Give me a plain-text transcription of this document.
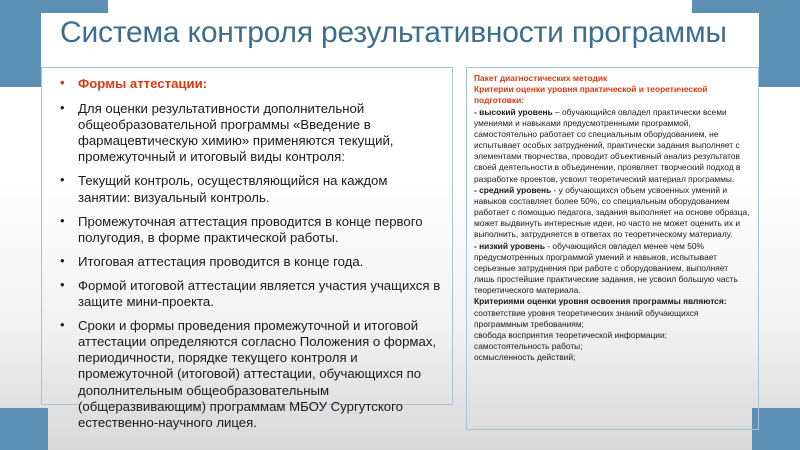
Система контроля результативности программы
• Формы аттестации:
• Для оценки результативности дополнительной общеобразовательной программы «Введение в фармацевтическую химию» применяются текущий, промежуточный и итоговый виды контроля:
• Текущий контроль, осуществляющийся на каждом занятии: визуальный контроль.
• Промежуточная аттестация проводится в конце первого полугодия, в форме практической работы.
• Итоговая аттестация проводится в конце года.
• Формой итоговой аттестации является участия учащихся в защите мини-проекта.
• Сроки и формы проведения промежуточной и итоговой аттестации определяются согласно Положения о формах, периодичности, порядке текущего контроля и промежуточной (итоговой) аттестации, обучающихся по дополнительным общеобразовательным (общеразвивающим) программам МБОУ Сургутского естественно-научного лицея.

Пакет диагностических методик

Критерии оценки уровня практической и теоретической подготовки:

- высокий уровень – обучающийся овладел практически всеми умениями и навыками предусмотренными программой, самостоятельно работает со специальным оборудованием, не испытывает особых затруднений, практически задания выполняет с элементами творчества, проводит объективный анализ результатов своей деятельности в объединении, проявляет творческий подход в разработке проектов, усвоил теоретический материал программы.

- средний уровень - у обучающихся объем усвоенных умений и навыков составляет более 50%, со специальным оборудованием работает с помощью педагога, задания выполняет на основе образца, может выдвинуть интересные идеи, но часто не может оценить их и выполнить, затрудняется в ответах по теоретическому материалу.

- низкий уровень - обучающийся овладел менее чем 50% предусмотренных программой умений и навыков, испытывает серьезные затруднения при работе с оборудованием, выполняет лишь простейшие практические задания, не усвоил большую часть теоретического материала.

Критериями оценки уровня освоения программы являются:

соответствие уровня теоретических знаний обучающихся программным требованиям;

свобода восприятия теоретической информации;

самостоятельность работы;

осмысленность действий;
